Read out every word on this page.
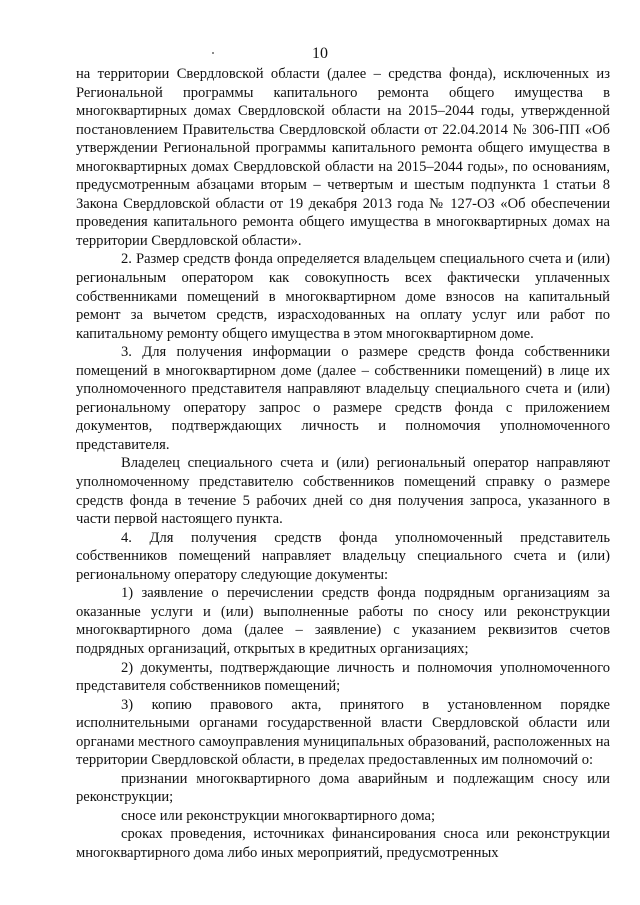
10

на территории Свердловской области (далее – средства фонда), исключенных из Региональной программы капитального ремонта общего имущества в многоквартирных домах Свердловской области на 2015–2044 годы, утвержденной постановлением Правительства Свердловской области от 22.04.2014 № 306-ПП «Об утверждении Региональной программы капитального ремонта общего имущества в многоквартирных домах Свердловской области на 2015–2044 годы», по основаниям, предусмотренным абзацами вторым – четвертым и шестым подпункта 1 статьи 8 Закона Свердловской области от 19 декабря 2013 года № 127-ОЗ «Об обеспечении проведения капитального ремонта общего имущества в многоквартирных домах на территории Свердловской области».

2. Размер средств фонда определяется владельцем специального счета и (или) региональным оператором как совокупность всех фактически уплаченных собственниками помещений в многоквартирном доме взносов на капитальный ремонт за вычетом средств, израсходованных на оплату услуг или работ по капитальному ремонту общего имущества в этом многоквартирном доме.

3. Для получения информации о размере средств фонда собственники помещений в многоквартирном доме (далее – собственники помещений) в лице их уполномоченного представителя направляют владельцу специального счета и (или) региональному оператору запрос о размере средств фонда с приложением документов, подтверждающих личность и полномочия уполномоченного представителя.

Владелец специального счета и (или) региональный оператор направляют уполномоченному представителю собственников помещений справку о размере средств фонда в течение 5 рабочих дней со дня получения запроса, указанного в части первой настоящего пункта.

4. Для получения средств фонда уполномоченный представитель собственников помещений направляет владельцу специального счета и (или) региональному оператору следующие документы:

1) заявление о перечислении средств фонда подрядным организациям за оказанные услуги и (или) выполненные работы по сносу или реконструкции многоквартирного дома (далее – заявление) с указанием реквизитов счетов подрядных организаций, открытых в кредитных организациях;

2) документы, подтверждающие личность и полномочия уполномоченного представителя собственников помещений;

3) копию правового акта, принятого в установленном порядке исполнительными органами государственной власти Свердловской области или органами местного самоуправления муниципальных образований, расположенных на территории Свердловской области, в пределах предоставленных им полномочий о:

признании многоквартирного дома аварийным и подлежащим сносу или реконструкции;

сносе или реконструкции многоквартирного дома;

сроках проведения, источниках финансирования сноса или реконструкции многоквартирного дома либо иных мероприятий, предусмотренных
